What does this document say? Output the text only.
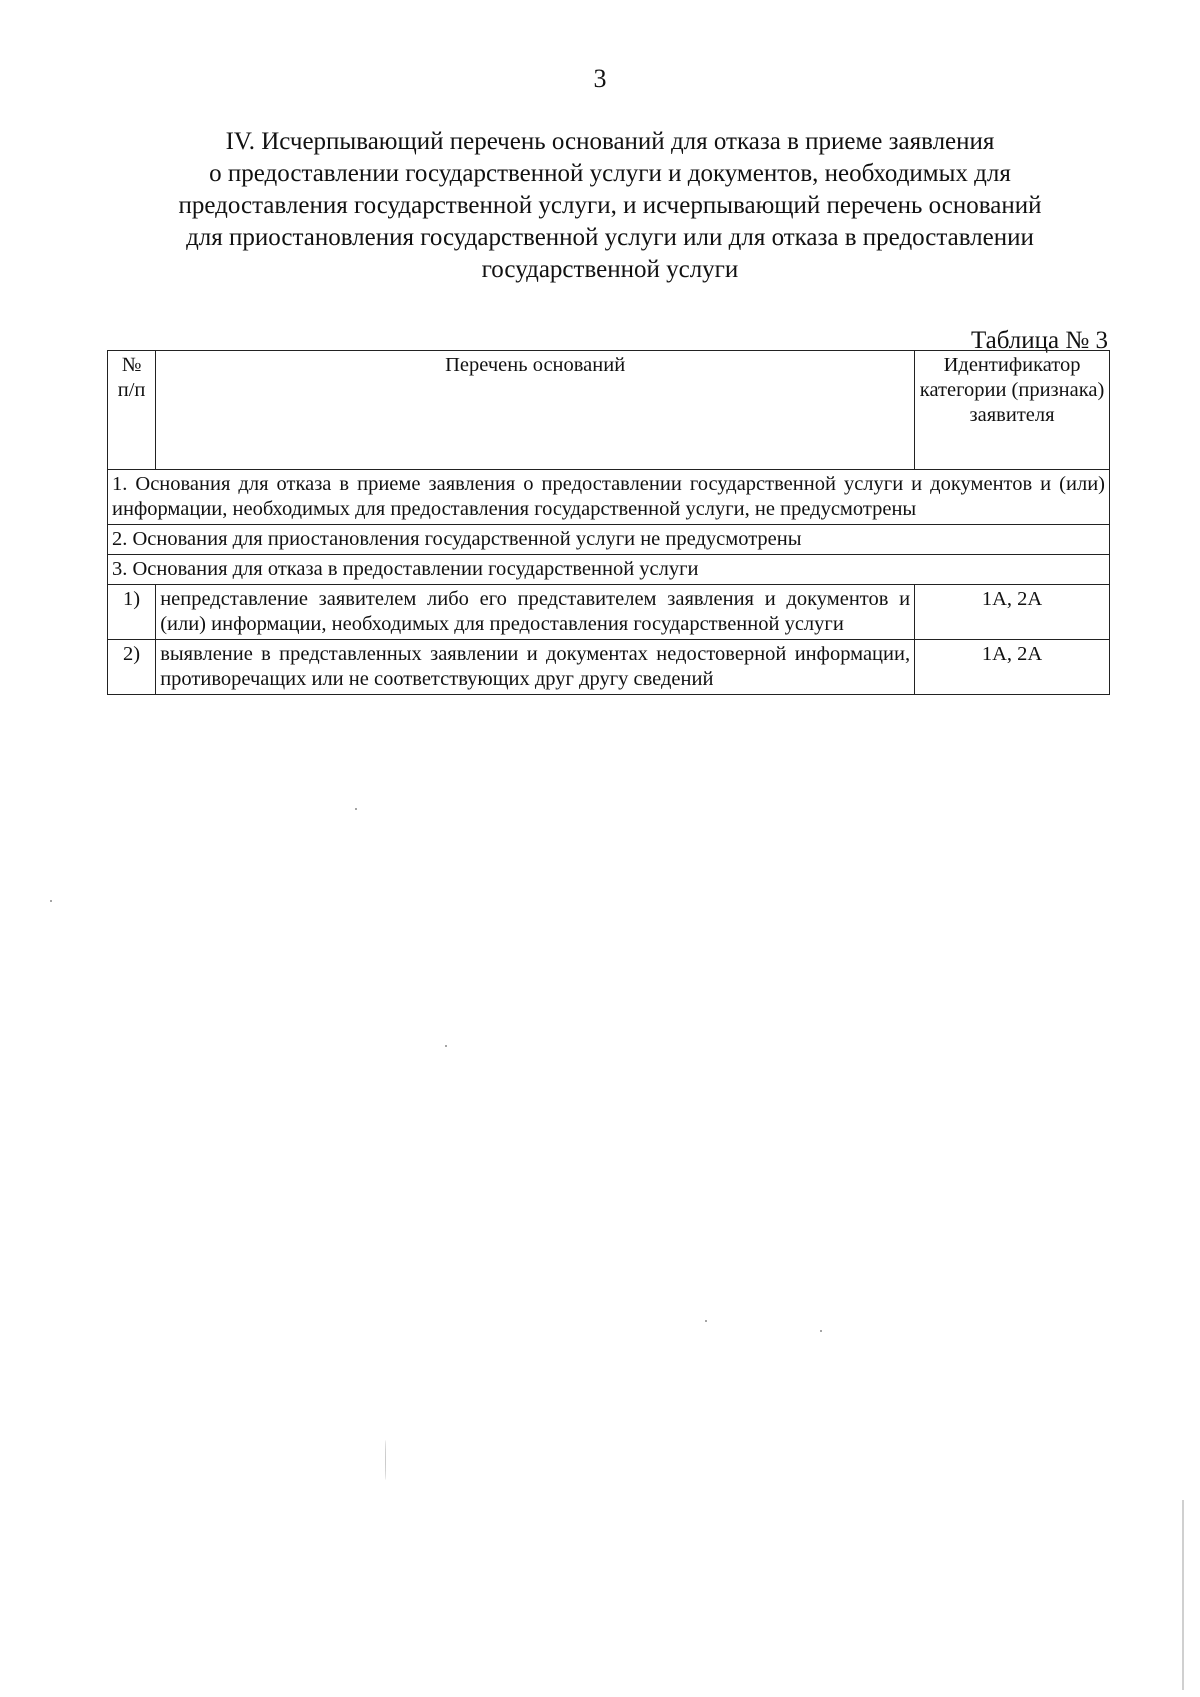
3
IV. Исчерпывающий перечень оснований для отказа в приеме заявления
о предоставлении государственной услуги и документов, необходимых для
предоставления государственной услуги, и исчерпывающий перечень оснований
для приостановления государственной услуги или для отказа в предоставлении
государственной услуги
Таблица № 3
№
п/п	Перечень оснований	Идентификатор категории (признака) заявителя
1. Основания для отказа в приеме заявления о предоставлении государственной услуги и документов и (или) информации, необходимых для предоставления государственной услуги, не предусмотрены		
2. Основания для приостановления государственной услуги не предусмотрены		
3. Основания для отказа в предоставлении государственной услуги		
1)	непредставление заявителем либо его представителем заявления и документов и (или) информации, необходимых для предоставления государственной услуги	1А, 2А
2)	выявление в представленных заявлении и документах недостоверной информации, противоречащих или не соответствующих друг другу сведений	1А, 2А
